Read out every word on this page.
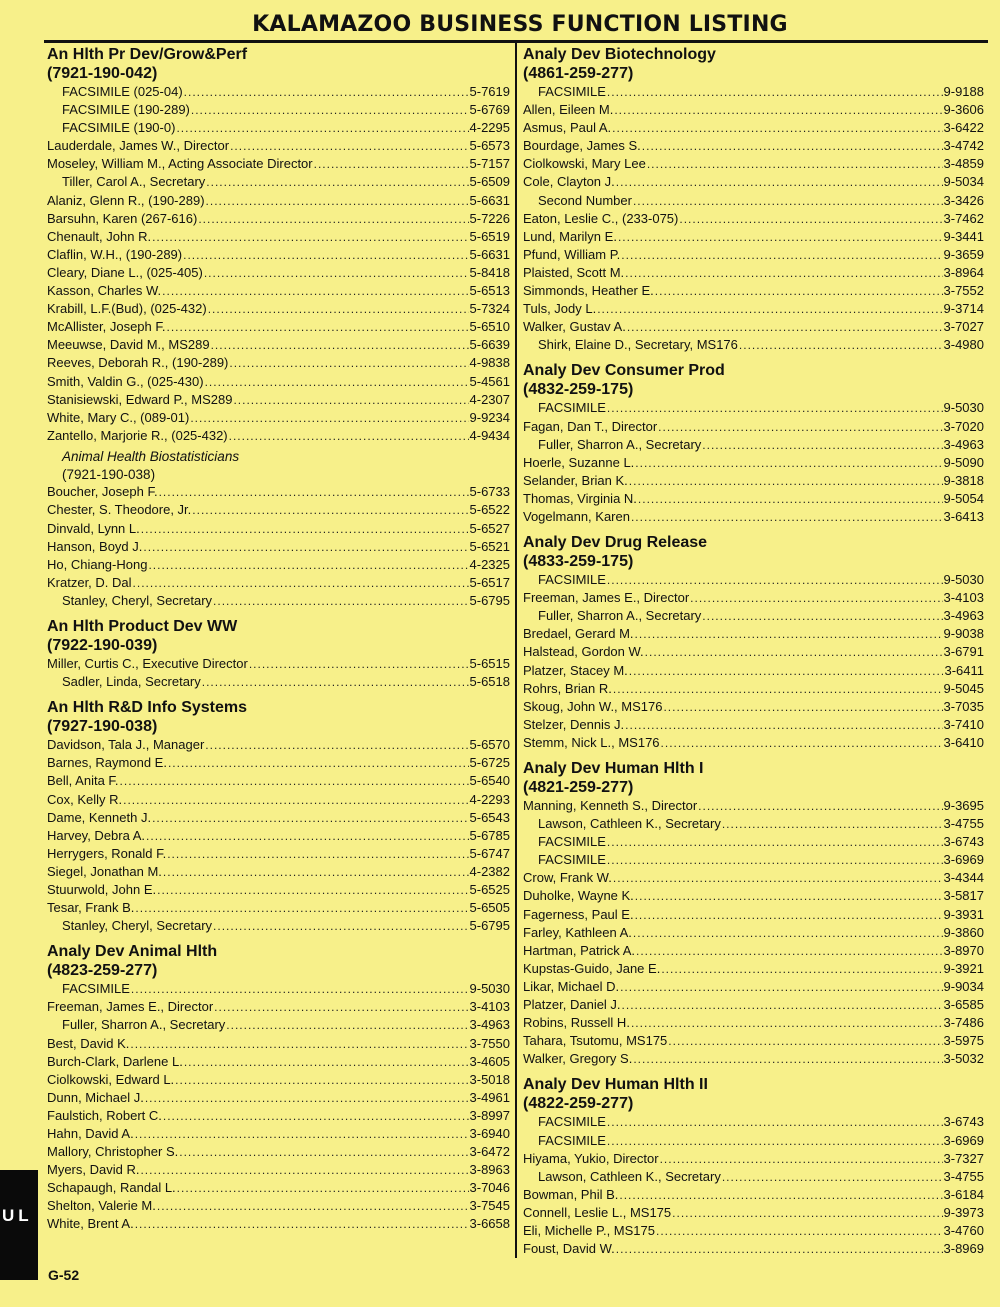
KALAMAZOO BUSINESS FUNCTION LISTING
An Hlth Pr Dev/Grow&Perf
(7921-190-042)
FACSIMILE (025-04) .....	5-7619
FACSIMILE (190-289) .....	5-6769
FACSIMILE (190-0) .....	4-2295
Lauderdale, James W., Director .....	5-6573
Moseley, William M., Acting Associate Director .....	5-7157
Tiller, Carol A., Secretary .....	5-6509
Alaniz, Glenn R., (190-289) .....	5-6631
Barsuhn, Karen (267-616) .....	5-7226
Chenault, John R. .....	5-6519
Claflin, W.H., (190-289) .....	5-6631
Cleary, Diane L., (025-405) .....	5-8418
Kasson, Charles W. .....	5-6513
Krabill, L.F.(Bud), (025-432) .....	5-7324
McAllister, Joseph F. .....	5-6510
Meeuwse, David M., MS289 .....	5-6639
Reeves, Deborah R., (190-289) .....	4-9838
Smith, Valdin G., (025-430) .....	5-4561
Stanisiewski, Edward P., MS289 .....	4-2307
White, Mary C., (089-01) .....	9-9234
Zantello, Marjorie R., (025-432) .....	4-9434
Animal Health Biostatisticians
(7921-190-038)
Boucher, Joseph F. .....	5-6733
Chester, S. Theodore, Jr. .....	5-6522
Dinvald, Lynn L. .....	5-6527
Hanson, Boyd J. .....	5-6521
Ho, Chiang-Hong .....	4-2325
Kratzer, D. Dal .....	5-6517
Stanley, Cheryl, Secretary .....	5-6795
An Hlth Product Dev WW
(7922-190-039)
Miller, Curtis C., Executive Director .....	5-6515
Sadler, Linda, Secretary .....	5-6518
An Hlth R&D Info Systems
(7927-190-038)
Davidson, Tala J., Manager .....	5-6570
Barnes, Raymond E. .....	5-6725
Bell, Anita F. .....	5-6540
Cox, Kelly R. .....	4-2293
Dame, Kenneth J. .....	5-6543
Harvey, Debra A. .....	5-6785
Herrygers, Ronald F. .....	5-6747
Siegel, Jonathan M. .....	4-2382
Stuurwold, John E. .....	5-6525
Tesar, Frank B. .....	5-6505
Stanley, Cheryl, Secretary .....	5-6795
Analy Dev Animal Hlth
(4823-259-277)
FACSIMILE .....	9-5030
Freeman, James E., Director .....	3-4103
Fuller, Sharron A., Secretary .....	3-4963
Best, David K. .....	3-7550
Burch-Clark, Darlene L. .....	3-4605
Ciolkowski, Edward L. .....	3-5018
Dunn, Michael J. .....	3-4961
Faulstich, Robert C. .....	3-8997
Hahn, David A. .....	3-6940
Mallory, Christopher S. .....	3-6472
Myers, David R. .....	3-8963
Schapaugh, Randal L. .....	3-7046
Shelton, Valerie M. .....	3-7545
White, Brent A. .....	3-6658
Analy Dev Biotechnology
(4861-259-277)
FACSIMILE .....	9-9188
Allen, Eileen M. .....	9-3606
Asmus, Paul A. .....	3-6422
Bourdage, James S. .....	3-4742
Ciolkowski, Mary Lee .....	3-4859
Cole, Clayton J. .....	9-5034
Second Number .....	3-3426
Eaton, Leslie C., (233-075) .....	3-7462
Lund, Marilyn E. .....	9-3441
Pfund, William P. .....	9-3659
Plaisted, Scott M. .....	3-8964
Simmonds, Heather E. .....	3-7552
Tuls, Jody L. .....	9-3714
Walker, Gustav A. .....	3-7027
Shirk, Elaine D., Secretary, MS176 .....	3-4980
Analy Dev Consumer Prod
(4832-259-175)
FACSIMILE .....	9-5030
Fagan, Dan T., Director .....	3-7020
Fuller, Sharron A., Secretary .....	3-4963
Hoerle, Suzanne L. .....	9-5090
Selander, Brian K. .....	9-3818
Thomas, Virginia N. .....	9-5054
Vogelmann, Karen .....	3-6413
Analy Dev Drug Release
(4833-259-175)
FACSIMILE .....	9-5030
Freeman, James E., Director .....	3-4103
Fuller, Sharron A., Secretary .....	3-4963
Bredael, Gerard M. .....	9-9038
Halstead, Gordon W. .....	3-6791
Platzer, Stacey M. .....	3-6411
Rohrs, Brian R. .....	9-5045
Skoug, John W., MS176 .....	3-7035
Stelzer, Dennis J. .....	3-7410
Stemm, Nick L., MS176 .....	3-6410
Analy Dev Human Hlth I
(4821-259-277)
Manning, Kenneth S., Director .....	9-3695
Lawson, Cathleen K., Secretary .....	3-4755
FACSIMILE .....	3-6743
FACSIMILE .....	3-6969
Crow, Frank W. .....	3-4344
Duholke, Wayne K. .....	3-5817
Fagerness, Paul E. .....	9-3931
Farley, Kathleen A. .....	9-3860
Hartman, Patrick A. .....	3-8970
Kupstas-Guido, Jane E. .....	9-3921
Likar, Michael D. .....	9-9034
Platzer, Daniel J. .....	3-6585
Robins, Russell H. .....	3-7486
Tahara, Tsutomu, MS175 .....	3-5975
Walker, Gregory S. .....	3-5032
Analy Dev Human Hlth II
(4822-259-277)
FACSIMILE .....	3-6743
FACSIMILE .....	3-6969
Hiyama, Yukio, Director .....	3-7327
Lawson, Cathleen K., Secretary .....	3-4755
Bowman, Phil B. .....	3-6184
Connell, Leslie L., MS175 .....	9-3973
Eli, Michelle P., MS175 .....	3-4760
Foust, David W. .....	3-8969
UL
G-52
